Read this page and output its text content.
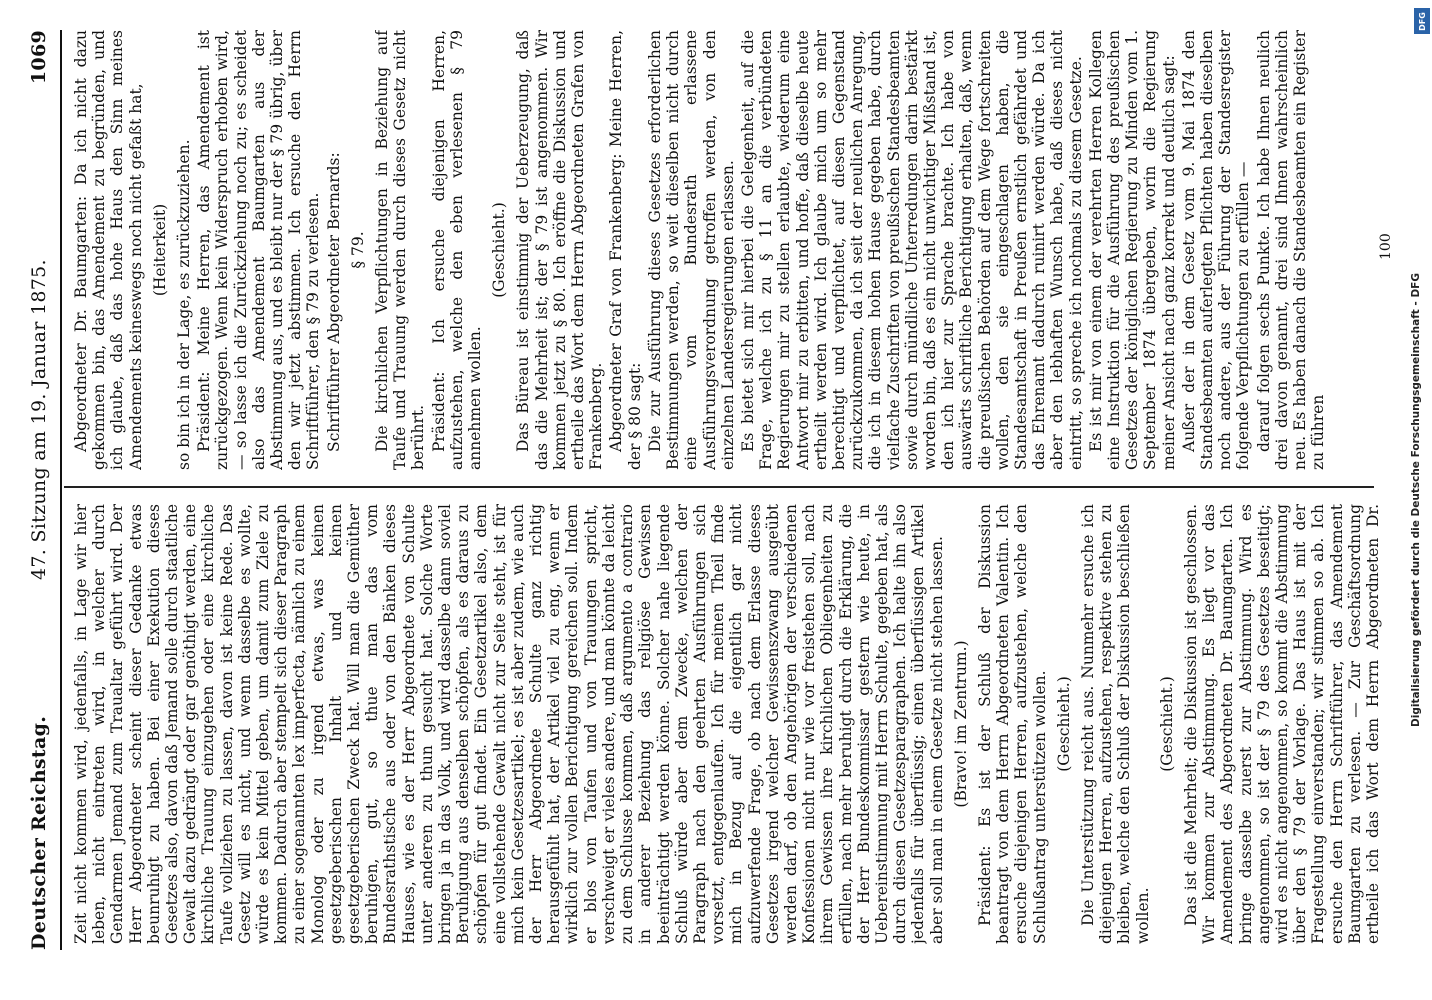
Deutscher Reichstag.
47. Sitzung am 19. Januar 1875.
1069

Zeit nicht kommen wird, jedenfalls, in Lage wir hier leben, nicht eintreten wird, in welcher durch Gendarmen Jemand zum Traualtar geführt wird. Der Herr Abgeordneter scheint dieser Gedanke etwas beunruhigt zu haben. Bei einer Exekution dieses Gesetzes also, davon daß Jemand solle durch staatliche Gewalt dazu gedrängt oder gar genöthigt werden, eine kirchliche Trauung einzugehen oder eine kirchliche Taufe vollziehen zu lassen, davon ist keine Rede. Das Gesetz will es nicht, und wenn dasselbe es wollte, würde es kein Mittel geben, um damit zum Ziele zu kommen. Dadurch aber stempelt sich dieser Paragraph zu einer sogenannten lex imperfecta, nämlich zu einem Monolog oder zu irgend etwas, was keinen gesetzgeberischen Inhalt und keinen gesetzgeberischen Zweck hat. Will man die Gemüther beruhigen, gut, so thue man das vom Bundesrathstische aus oder von den Bänken dieses Hauses, wie es der Herr Abgeordnete von Schulte unter anderen zu thun gesucht hat. Solche Worte bringen ja in das Volk, und wird dasselbe dann soviel Beruhigung aus denselben schöpfen, als es daraus zu schöpfen für gut findet. Ein Gesetzartikel also, dem eine vollstehende Gewalt nicht zur Seite steht, ist für mich kein Gesetzesartikel; es ist aber zudem, wie auch der Herr Abgeordnete Schulte ganz richtig herausgefühlt hat, der Artikel viel zu eng, wenn er wirklich zur vollen Berichtigung gereichen soll. Indem er blos von Taufen und von Trauungen spricht, verschweigt er vieles andere, und man könnte da leicht zu dem Schlusse kommen, daß argumento a contrario in anderer Beziehung das religiöse Gewissen beeinträchtigt werden könne. Solcher nahe liegende Schluß würde aber dem Zwecke, welchen der Paragraph nach den geehrten Ausführungen sich vorsetzt, entgegenlaufen. Ich für meinen Theil finde mich in Bezug auf die eigentlich gar nicht aufzuwerfende Frage, ob nach dem Erlasse dieses Gesetzes irgend welcher Gewissenszwang ausgeübt werden darf, ob den Angehörigen der verschiedenen Konfessionen nicht nur wie vor freistehen soll, nach ihrem Gewissen ihre kirchlichen Obliegenheiten zu erfüllen, nach mehr beruhigt durch die Erklärung, die der Herr Bundeskommissar gestern wie heute, in Uebereinstimmung mit Herrn Schulte, gegeben hat, als durch diesen Gesetzesparagraphen. Ich halte ihn also jedenfalls für überflüssig; einen überflüssigen Artikel aber soll man in einem Gesetze nicht stehen lassen. (Bravo! im Zentrum.) Präsident: Es ist der Schluß der Diskussion beantragt von dem Herrn Abgeordneten Valentin. Ich ersuche diejenigen Herren, aufzustehen, welche den Schlußantrag unterstützen wollen. (Geschieht.) Die Unterstützung reicht aus. Nunmehr ersuche ich diejenigen Herren, aufzustehen, respektive stehen zu bleiben, welche den Schluß der Diskussion beschließen wollen.

(Geschieht.)

Das ist die Mehrheit; die Diskussion ist geschlossen. Wir kommen zur Abstimmung. Es liegt vor das Amendement des Abgeordneten Dr. Baumgarten. Ich bringe dasselbe zuerst zur Abstimmung. Wird es angenommen, so ist der § 79 des Gesetzes beseitigt; wird es nicht angenommen, so kommt die Abstimmung über den § 79 der Vorlage. Das Haus ist mit der Fragestellung einverstanden; wir stimmen so ab. Ich ersuche den Herrn Schriftführer, das Amendement Baumgarten zu verlesen. — Zur Geschäftsordnung ertheile ich das Wort dem Herrn Abgeordneten Dr.

Abgeordneter Dr. Baumgarten: Da ich nicht dazu gekommen bin, das Amendement zu begründen, und ich glaube, daß das hohe Haus den Sinn meines Amendements keineswegs noch nicht gefaßt hat, (Heiterkeit) so bin ich in der Lage, es zurückzuziehen. Präsident: Meine Herren, das Amendement ist zurückgezogen. Wenn kein Widerspruch erhoben wird, — so lasse ich die Zurückziehung noch zu; es scheidet also das Amendement Baumgarten aus der Abstimmung aus, und es bleibt nur der § 79 übrig, über den wir jetzt abstimmen. Ich ersuche den Herrn Schriftführer, den § 79 zu verlesen. Schriftführer Abgeordneter Bernards: § 79. Die kirchlichen Verpflichtungen in Beziehung auf Taufe und Trauung werden durch dieses Gesetz nicht berührt. Präsident: Ich ersuche diejenigen Herren, aufzustehen, welche den eben verlesenen § 79 annehmen wollen.

(Geschieht.) Das Büreau ist einstimmig der Ueberzeugung, daß das die Mehrheit ist; der § 79 ist angenommen. Wir kommen jetzt zu § 80. Ich eröffne die Diskussion und ertheile das Wort dem Herrn Abgeordneten Grafen von Frankenberg. Abgeordneter Graf von Frankenberg: Meine Herren, der § 80 sagt: Die zur Ausführung dieses Gesetzes erforderlichen Bestimmungen werden, so weit dieselben nicht durch eine vom Bundesrath erlassene Ausführungsverordnung getroffen werden, von den einzelnen Landesregierungen erlassen. Es bietet sich mir hierbei die Gelegenheit, auf die Frage, welche ich zu § 11 an die verbündeten Regierungen mir zu stellen erlaubte, wiederum eine Antwort mir zu erbitten, und hoffe, daß dieselbe heute ertheilt werden wird. Ich glaube mich um so mehr berechtigt und verpflichtet, auf diesen Gegenstand zurückzukommen, da ich seit der neulichen Anregung, die ich in diesem hohen Hause gegeben habe, durch vielfache Zuschriften von preußischen Standesbeamten sowie durch mündliche Unterredungen darin bestärkt worden bin, daß es ein nicht unwichtiger Mißstand ist, den ich hier zur Sprache brachte. Ich habe von auswärts schriftliche Berichtigung erhalten, daß, wenn die preußischen Behörden auf dem Wege fortschreiten wollen, den sie eingeschlagen haben, die Standesamtschaft in Preußen ernstlich gefährdet und das Ehrenamt dadurch ruinirt werden würde. Da ich aber den lebhaften Wunsch habe, daß dieses nicht eintritt, so spreche ich nochmals zu diesem Gesetze. Es ist mir von einem der verehrten Herren Kollegen eine Instruktion für die Ausführung des preußischen Gesetzes der königlichen Regierung zu Minden vom 1. September 1874 übergeben, worin die Regierung meiner Ansicht nach ganz korrekt und deutlich sagt: Außer der in dem Gesetz vom 9. Mai 1874 den Standesbeamten auferlegten Pflichten haben dieselben noch andere, aus der Führung der Standesregister folgende Verpflichtungen zu erfüllen — darauf folgen sechs Punkte. Ich habe Ihnen neulich drei davon genannt, drei sind Ihnen wahrscheinlich neu. Es haben danach die Standesbeamten ein Register zu führen

100
DFG
Digitalisierung gefördert durch die Deutsche Forschungsgemeinschaft - DFG
